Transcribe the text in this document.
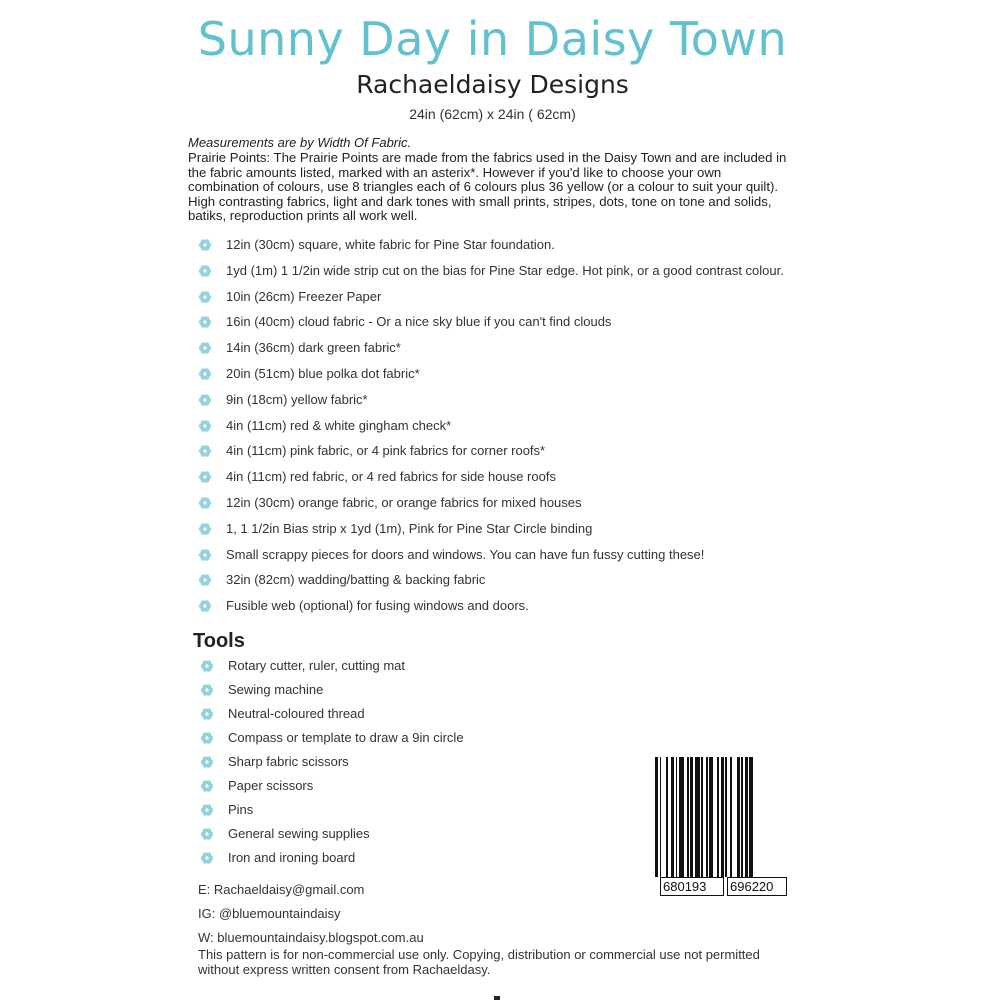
Sunny Day in Daisy Town
Rachaeldaisy Designs
24in (62cm) x 24in ( 62cm)
Measurements are by Width Of Fabric.
Prairie Points: The Prairie Points are made from the fabrics used in the Daisy Town and are included in the fabric amounts listed, marked with an asterix*. However if you'd like to choose your own combination of colours, use 8 triangles each of 6 colours plus 36 yellow (or a colour to suit your quilt). High contrasting fabrics, light and dark tones with small prints, stripes, dots, tone on tone and solids, batiks, reproduction prints all work well.
12in (30cm) square, white fabric for Pine Star foundation.
1yd (1m) 1 1/2in wide strip cut on the bias for Pine Star edge. Hot pink, or a good contrast colour.
10in (26cm) Freezer Paper
16in (40cm) cloud fabric - Or a nice sky blue if you can't find clouds
14in (36cm) dark green fabric*
20in (51cm) blue polka dot fabric*
9in (18cm) yellow fabric*
4in (11cm) red & white gingham check*
4in (11cm) pink fabric, or 4 pink fabrics for corner roofs*
4in (11cm) red fabric, or 4 red fabrics for side house roofs
12in (30cm) orange fabric, or orange fabrics for mixed houses
1, 1 1/2in Bias strip x 1yd (1m), Pink for Pine Star Circle binding
Small scrappy pieces for doors and windows. You can have fun fussy cutting these!
32in (82cm) wadding/batting & backing fabric
Fusible web (optional) for fusing windows and doors.
Tools
Rotary cutter, ruler, cutting mat
Sewing machine
Neutral-coloured thread
Compass or template to draw a 9in circle
Sharp fabric scissors
Paper scissors
Pins
General sewing supplies
Iron and ironing board
E: Rachaeldaisy@gmail.com
IG: @bluemountaindaisy
W: bluemountaindaisy.blogspot.com.au
This pattern is for non-commercial use only. Copying, distribution or commercial use not permitted without express written consent from Rachaeldasy.
680193	696220
